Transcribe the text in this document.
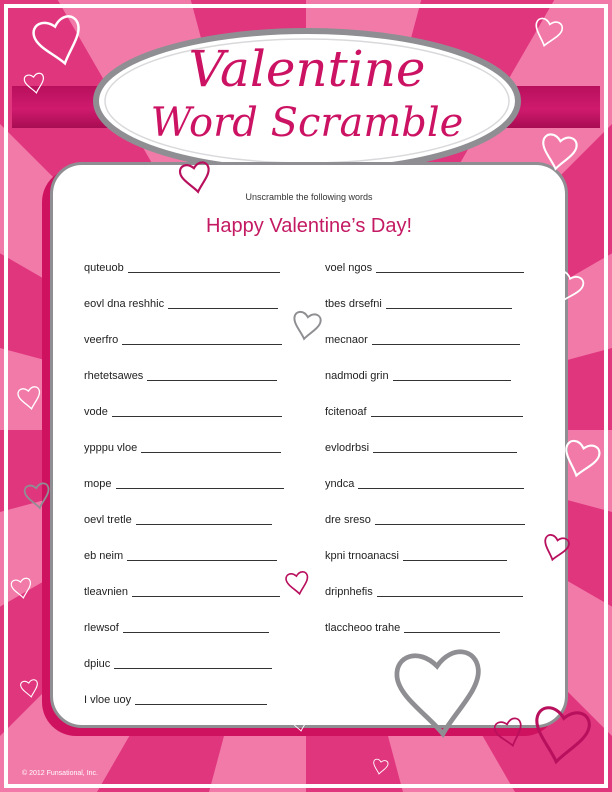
Valentine
Word Scramble
Unscramble the following words
Happy Valentine’s Day!
quteuob
eovl dna reshhic
veerfro
rhetetsawes
vode
ypppu vloe
mope
oevl tretle
eb neim
tleavnien
rlewsof
dpiuc
I vloe uoy
voel ngos
tbes drsefni
mecnaor
nadmodi grin
fcitenoaf
evlodrbsi
yndca
dre sreso
kpni trnoanacsi
dripnhefis
tlaccheoo trahe
© 2012 Funsational, Inc.
